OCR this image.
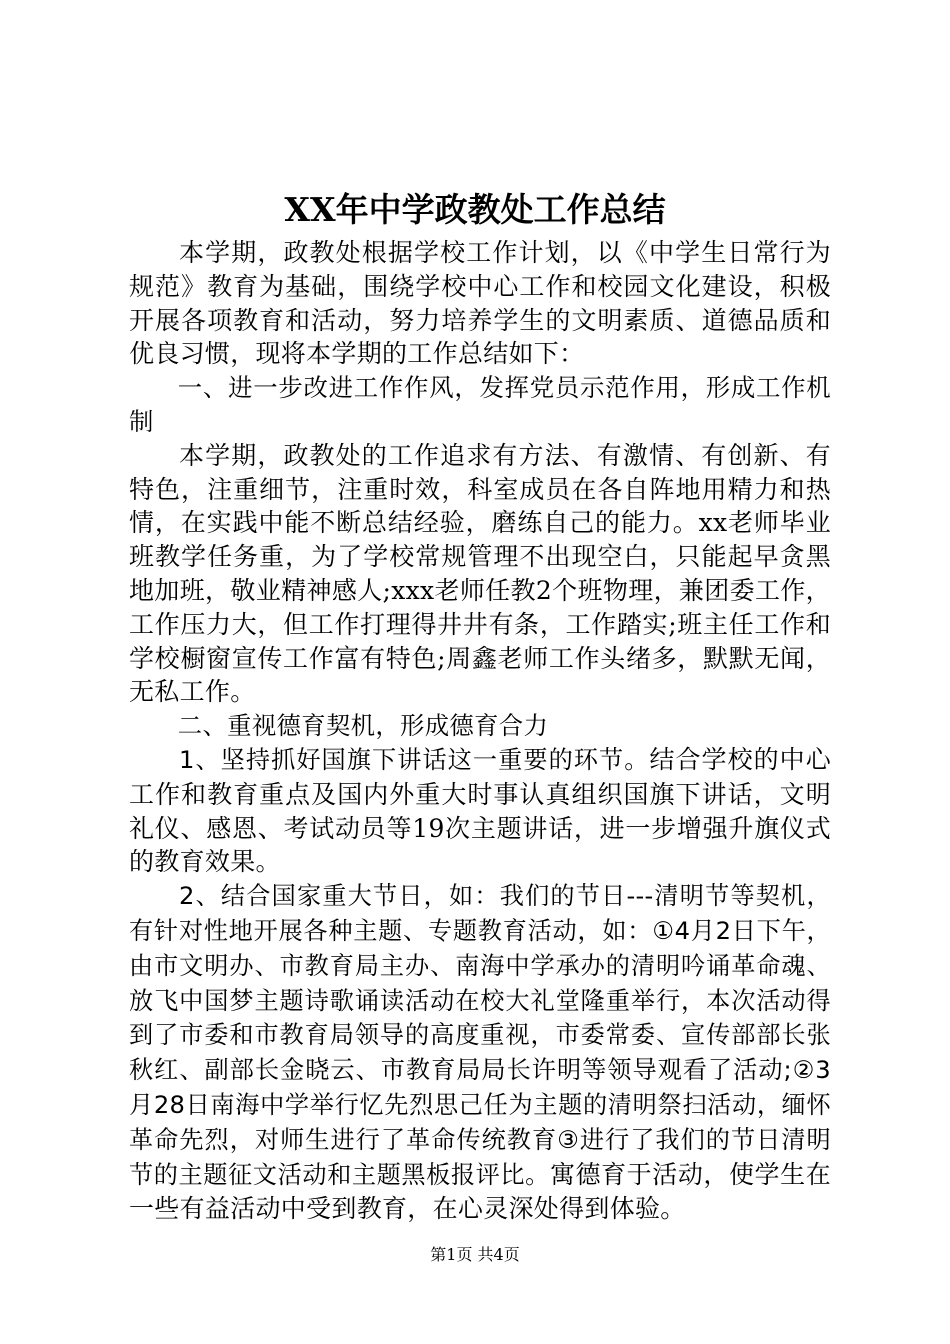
XX年中学政教处工作总结

本学期，政教处根据学校工作计划，以《中学生日常行为规范》教育为基础，围绕学校中心工作和校园文化建设，积极开展各项教育和活动，努力培养学生的文明素质、道德品质和优良习惯，现将本学期的工作总结如下：

一、进一步改进工作作风，发挥党员示范作用，形成工作机制

本学期，政教处的工作追求有方法、有激情、有创新、有特色，注重细节，注重时效，科室成员在各自阵地用精力和热情，在实践中能不断总结经验，磨练自己的能力。xx老师毕业班教学任务重，为了学校常规管理不出现空白，只能起早贪黑地加班，敬业精神感人;xxx老师任教2个班物理，兼团委工作，工作压力大，但工作打理得井井有条，工作踏实;班主任工作和学校橱窗宣传工作富有特色;周鑫老师工作头绪多，默默无闻，无私工作。

二、重视德育契机，形成德育合力

1、坚持抓好国旗下讲话这一重要的环节。结合学校的中心工作和教育重点及国内外重大时事认真组织国旗下讲话，文明礼仪、感恩、考试动员等19次主题讲话，进一步增强升旗仪式的教育效果。

2、结合国家重大节日，如：我们的节日---清明节等契机，有针对性地开展各种主题、专题教育活动，如：①4月2日下午，由市文明办、市教育局主办、南海中学承办的清明吟诵革命魂、放飞中国梦主题诗歌诵读活动在校大礼堂隆重举行，本次活动得到了市委和市教育局领导的高度重视，市委常委、宣传部部长张秋红、副部长金晓云、市教育局局长许明等领导观看了活动;②3月28日南海中学举行忆先烈思己任为主题的清明祭扫活动，缅怀革命先烈，对师生进行了革命传统教育③进行了我们的节日清明节的主题征文活动和主题黑板报评比。寓德育于活动，使学生在一些有益活动中受到教育，在心灵深处得到体验。

第1页 共4页
